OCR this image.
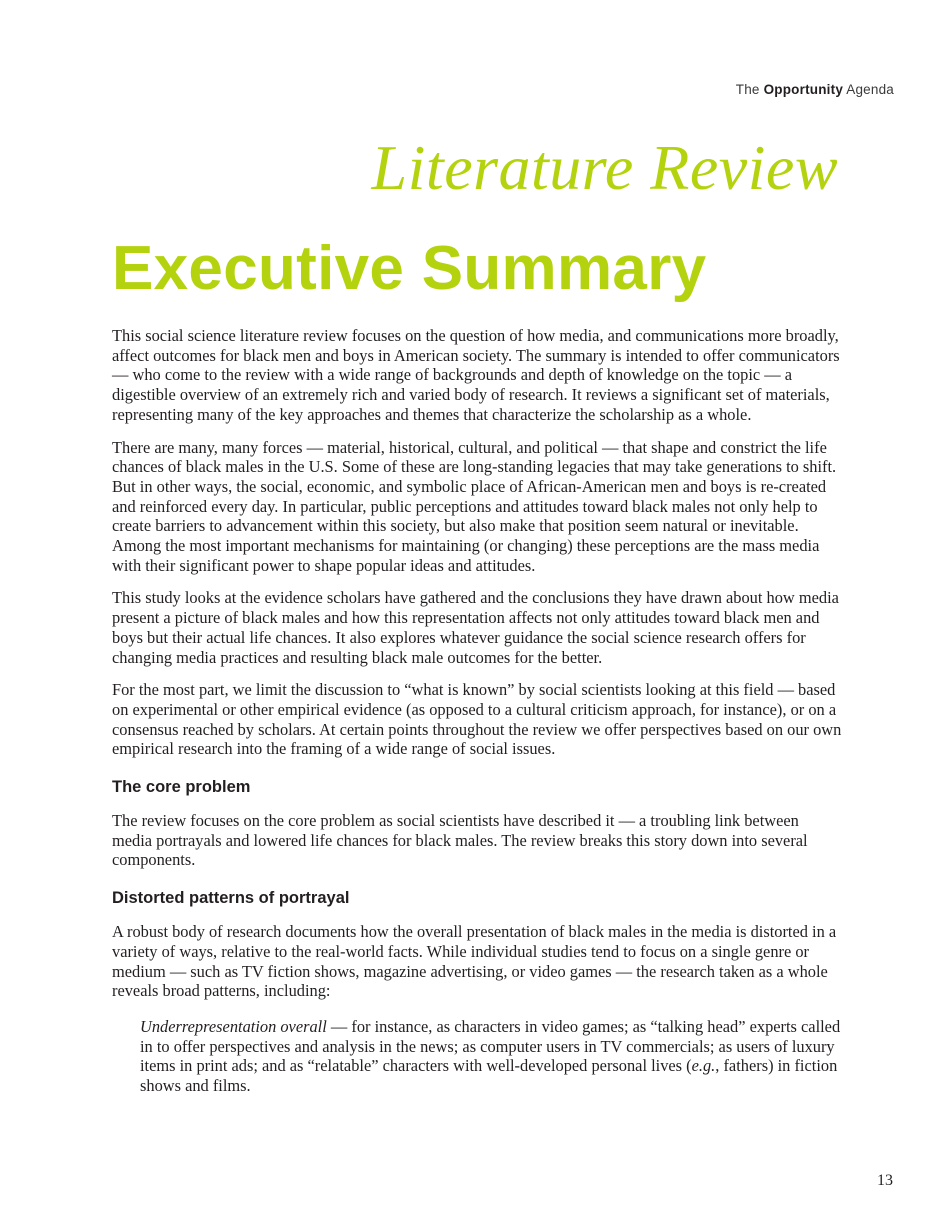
The Opportunity Agenda
Literature Review
Executive Summary

This social science literature review focuses on the question of how media, and communications more broadly, affect outcomes for black men and boys in American society. The summary is intended to offer communicators — who come to the review with a wide range of backgrounds and depth of knowledge on the topic — a digestible overview of an extremely rich and varied body of research. It reviews a significant set of materials, representing many of the key approaches and themes that characterize the scholarship as a whole.

There are many, many forces — material, historical, cultural, and political — that shape and constrict the life chances of black males in the U.S. Some of these are long-standing legacies that may take generations to shift. But in other ways, the social, economic, and symbolic place of African-American men and boys is re-created and reinforced every day. In particular, public perceptions and attitudes toward black males not only help to create barriers to advancement within this society, but also make that position seem natural or inevitable. Among the most important mechanisms for maintaining (or changing) these perceptions are the mass media with their significant power to shape popular ideas and attitudes.

This study looks at the evidence scholars have gathered and the conclusions they have drawn about how media present a picture of black males and how this representation affects not only attitudes toward black men and boys but their actual life chances. It also explores whatever guidance the social science research offers for changing media practices and resulting black male outcomes for the better.

For the most part, we limit the discussion to “what is known” by social scientists looking at this field — based on experimental or other empirical evidence (as opposed to a cultural criticism approach, for instance), or on a consensus reached by scholars. At certain points throughout the review we offer perspectives based on our own empirical research into the framing of a wide range of social issues.

The core problem

The review focuses on the core problem as social scientists have described it — a troubling link between media portrayals and lowered life chances for black males. The review breaks this story down into several components.

Distorted patterns of portrayal

A robust body of research documents how the overall presentation of black males in the media is distorted in a variety of ways, relative to the real-world facts. While individual studies tend to focus on a single genre or medium — such as TV fiction shows, magazine advertising, or video games — the research taken as a whole reveals broad patterns, including:

Underrepresentation overall — for instance, as characters in video games; as “talking head” experts called in to offer perspectives and analysis in the news; as computer users in TV commercials; as users of luxury items in print ads; and as “relatable” characters with well-developed personal lives (e.g., fathers) in fiction shows and films.

13
